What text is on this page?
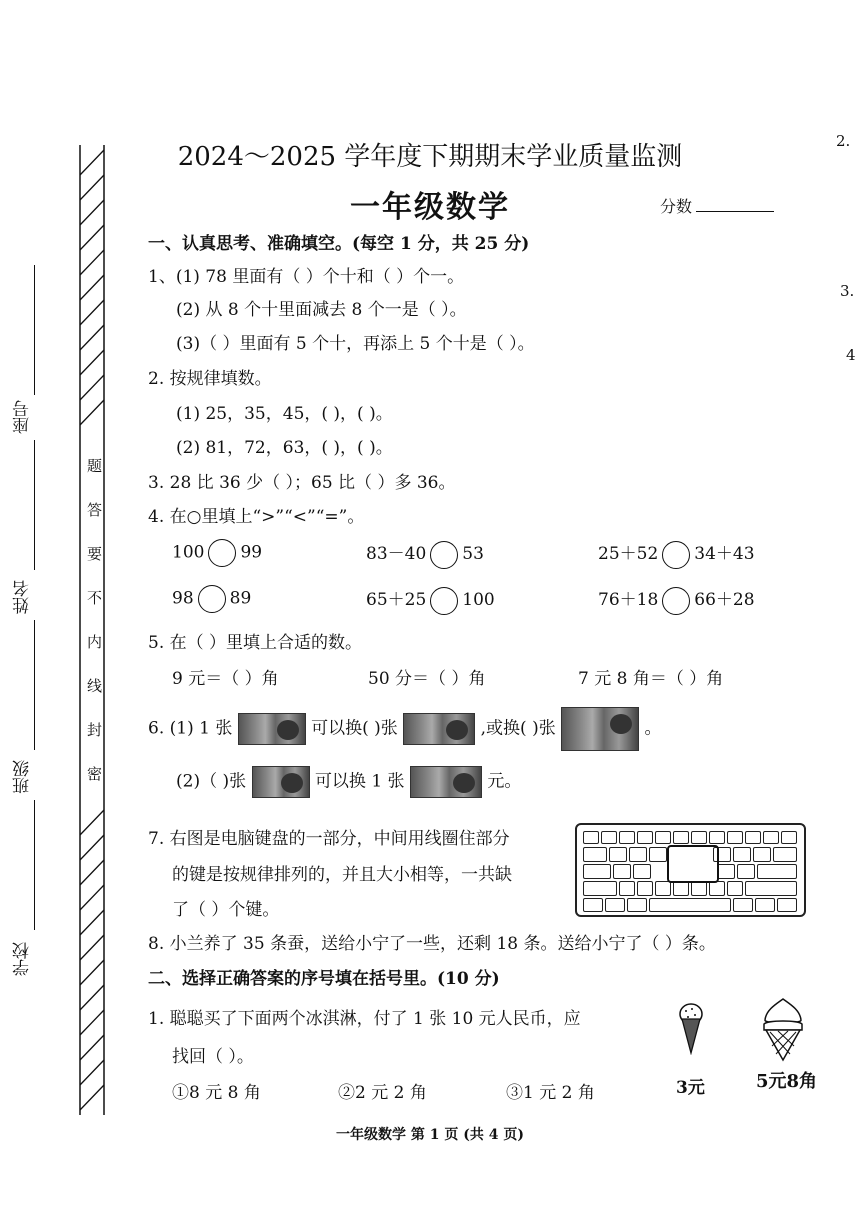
座号
姓名
班级
学校
题
答
要
不
内
线
封
密
2.
3.
4
2024～2025 学年度下期期末学业质量监测
一年级数学	分数
一、认真思考、准确填空。(每空 1 分，共 25 分)
1、(1) 78 里面有（ ）个十和（ ）个一。
(2) 从 8 个十里面减去 8 个一是（ ）。
(3)（ ）里面有 5 个十，再添上 5 个十是（ ）。
2. 按规律填数。
(1) 25，35，45，( )，( )。
(2) 81，72，63，( )，( )。
3. 28 比 36 少（ ）；65 比（ ）多 36。
4. 在○里填上“>”“<”“=”。
100 99	83－40 53	25＋52 34＋43
98 89	65＋25 100	76＋18 66＋28
5. 在（ ）里填上合适的数。
9 元＝（ ）角	50 分＝（ ）角	7 元 8 角＝（ ）角
6. (1) 1 张	可以换( )张	,或换( )张	。
(2)（ )张	可以换 1 张	元。
7. 右图是电脑键盘的一部分，中间用线圈住部分
的键是按规律排列的，并且大小相等，一共缺
了（ ）个键。
8. 小兰养了 35 条蚕，送给小宁了一些，还剩 18 条。送给小宁了（ ）条。
二、选择正确答案的序号填在括号里。(10 分)
1. 聪聪买了下面两个冰淇淋，付了 1 张 10 元人民币，应
找回（ ）。
①8 元 8 角	②2 元 2 角	③1 元 2 角	3元	5元8角
一年级数学 第 1 页 (共 4 页)
